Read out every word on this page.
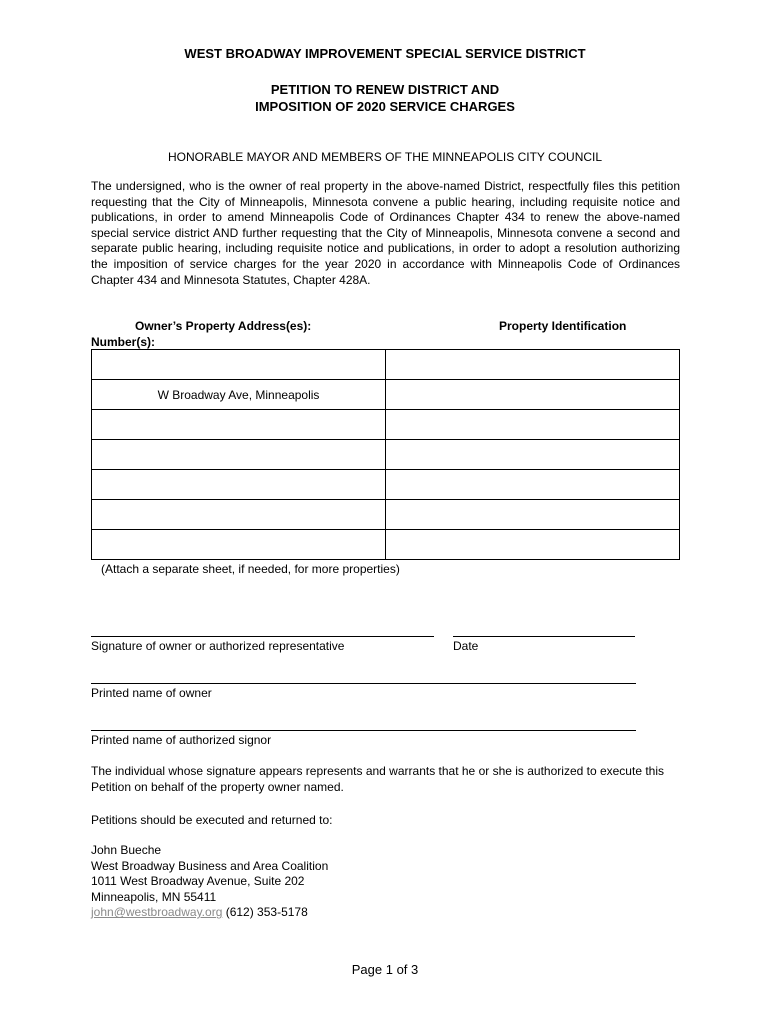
WEST BROADWAY IMPROVEMENT SPECIAL SERVICE DISTRICT
PETITION TO RENEW DISTRICT AND
IMPOSITION OF 2020 SERVICE CHARGES
HONORABLE MAYOR AND MEMBERS OF THE MINNEAPOLIS CITY COUNCIL
The undersigned, who is the owner of real property in the above-named District, respectfully files this petition requesting that the City of Minneapolis, Minnesota convene a public hearing, including requisite notice and publications, in order to amend Minneapolis Code of Ordinances Chapter 434 to renew the above-named special service district AND further requesting that the City of Minneapolis, Minnesota convene a second and separate public hearing, including requisite notice and publications, in order to adopt a resolution authorizing the imposition of service charges for the year 2020 in accordance with Minneapolis Code of Ordinances Chapter 434 and Minnesota Statutes, Chapter 428A.
Owner’s Property Address(es):	Property Identification
Number(s):

W Broadway Ave, Minneapolis	

(Attach a separate sheet, if needed, for more properties)
Signature of owner or authorized representative	Date
Printed name of owner
Printed name of authorized signor
The individual whose signature appears represents and warrants that he or she is authorized to execute this Petition on behalf of the property owner named.
Petitions should be executed and returned to:
John Bueche
West Broadway Business and Area Coalition
1011 West Broadway Avenue, Suite 202
Minneapolis, MN 55411
john@westbroadway.org (612) 353-5178
Page 1 of 3
